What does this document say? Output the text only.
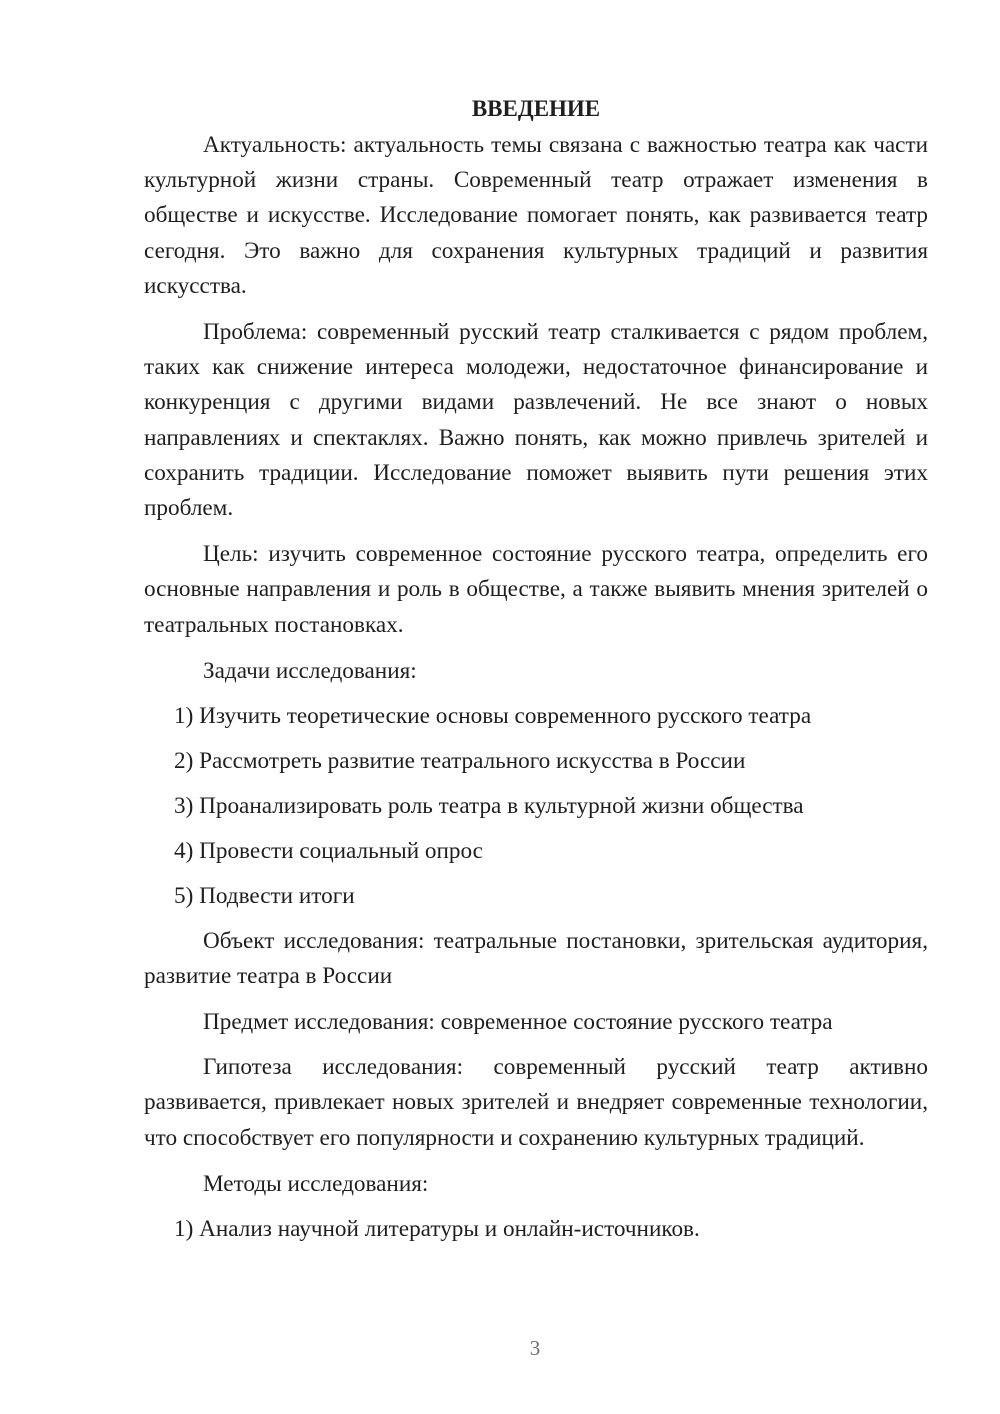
ВВЕДЕНИЕ
Актуальность: актуальность темы связана с важностью театра как части культурной жизни страны. Современный театр отражает изменения в обществе и искусстве. Исследование помогает понять, как развивается театр сегодня. Это важно для сохранения культурных традиций и развития искусства.
Проблема: современный русский театр сталкивается с рядом проблем, таких как снижение интереса молодежи, недостаточное финансирование и конкуренция с другими видами развлечений. Не все знают о новых направлениях и спектаклях. Важно понять, как можно привлечь зрителей и сохранить традиции. Исследование поможет выявить пути решения этих проблем.
Цель: изучить современное состояние русского театра, определить его основные направления и роль в обществе, а также выявить мнения зрителей о театральных постановках.
Задачи исследования:
1) Изучить теоретические основы современного русского театра
2) Рассмотреть развитие театрального искусства в России
3) Проанализировать роль театра в культурной жизни общества
4) Провести социальный опрос
5) Подвести итоги
Объект исследования: театральные постановки, зрительская аудитория, развитие театра в России
Предмет исследования: современное состояние русского театра
Гипотеза исследования: современный русский театр активно развивается, привлекает новых зрителей и внедряет современные технологии, что способствует его популярности и сохранению культурных традиций.
Методы исследования:
1) Анализ научной литературы и онлайн-источников.
3
